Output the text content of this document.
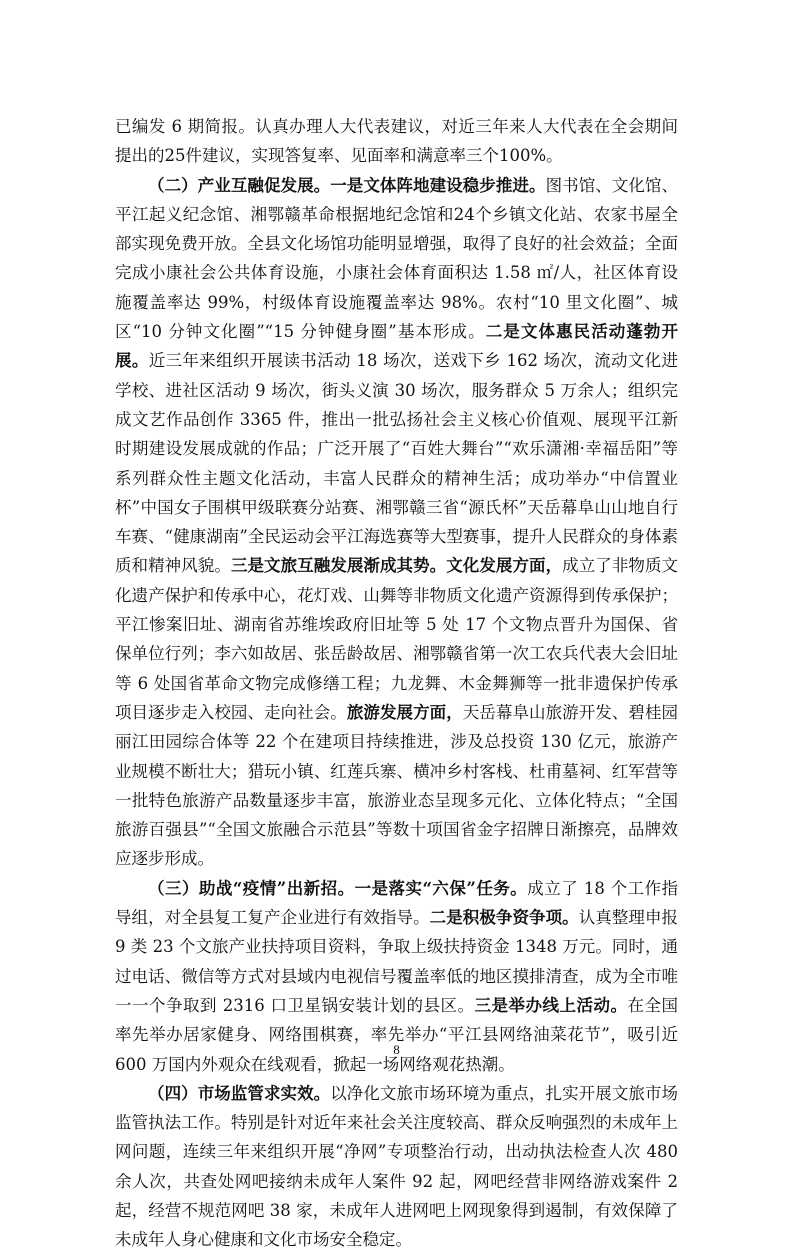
已编发 6 期简报。认真办理人大代表建议，对近三年来人大代表在全会期间提出的25件建议，实现答复率、见面率和满意率三个100%。

（二）产业互融促发展。一是文体阵地建设稳步推进。图书馆、文化馆、平江起义纪念馆、湘鄂赣革命根据地纪念馆和24个乡镇文化站、农家书屋全部实现免费开放。全县文化场馆功能明显增强，取得了良好的社会效益；全面完成小康社会公共体育设施，小康社会体育面积达 1.58 ㎡/人，社区体育设施覆盖率达 99%，村级体育设施覆盖率达 98%。农村“10 里文化圈”、城区“10 分钟文化圈”“15 分钟健身圈”基本形成。二是文体惠民活动蓬勃开展。近三年来组织开展读书活动 18 场次，送戏下乡 162 场次，流动文化进学校、进社区活动 9 场次，街头义演 30 场次，服务群众 5 万余人；组织完成文艺作品创作 3365 件，推出一批弘扬社会主义核心价值观、展现平江新时期建设发展成就的作品；广泛开展了“百姓大舞台”“欢乐潇湘·幸福岳阳”等系列群众性主题文化活动，丰富人民群众的精神生活；成功举办“中信置业杯”中国女子围棋甲级联赛分站赛、湘鄂赣三省“源氏杯”天岳幕阜山山地自行车赛、“健康湖南”全民运动会平江海选赛等大型赛事，提升人民群众的身体素质和精神风貌。三是文旅互融发展渐成其势。文化发展方面，成立了非物质文化遗产保护和传承中心，花灯戏、山舞等非物质文化遗产资源得到传承保护；平江惨案旧址、湖南省苏维埃政府旧址等 5 处 17 个文物点晋升为国保、省保单位行列；李六如故居、张岳龄故居、湘鄂赣省第一次工农兵代表大会旧址等 6 处国省革命文物完成修缮工程；九龙舞、木金舞狮等一批非遗保护传承项目逐步走入校园、走向社会。旅游发展方面，天岳幕阜山旅游开发、碧桂园丽江田园综合体等 22 个在建项目持续推进，涉及总投资 130 亿元，旅游产业规模不断壮大；猎玩小镇、红莲兵寨、横冲乡村客栈、杜甫墓祠、红军营等一批特色旅游产品数量逐步丰富，旅游业态呈现多元化、立体化特点；“全国旅游百强县”“全国文旅融合示范县”等数十项国省金字招牌日渐擦亮，品牌效应逐步形成。

（三）助战“疫情”出新招。一是落实“六保”任务。成立了 18 个工作指导组，对全县复工复产企业进行有效指导。二是积极争资争项。认真整理申报 9 类 23 个文旅产业扶持项目资料，争取上级扶持资金 1348 万元。同时，通过电话、微信等方式对县域内电视信号覆盖率低的地区摸排清查，成为全市唯一一个争取到 2316 口卫星锅安装计划的县区。三是举办线上活动。在全国率先举办居家健身、网络围棋赛，率先举办“平江县网络油菜花节”，吸引近 600 万国内外观众在线观看，掀起一场网络观花热潮。

（四）市场监管求实效。以净化文旅市场环境为重点，扎实开展文旅市场监管执法工作。特别是针对近年来社会关注度较高、群众反响强烈的未成年上网问题，连续三年来组织开展“净网”专项整治行动，出动执法检查人次 480 余人次，共查处网吧接纳未成年人案件 92 起，网吧经营非网络游戏案件 2 起，经营不规范网吧 38 家，未成年人进网吧上网现象得到遏制，有效保障了未成年人身心健康和文化市场安全稳定。

8
